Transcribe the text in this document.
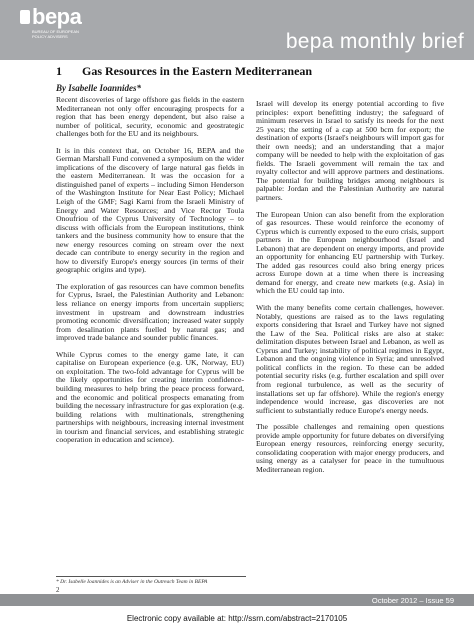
bepa
BUREAU OF EUROPEAN POLICY ADVISERS	bepa monthly brief
1 Gas Resources in the Eastern Mediterranean
By Isabelle Ioannides*

Recent discoveries of large offshore gas fields in the eastern Mediterranean not only offer encouraging prospects for a region that has been energy dependent, but also raise a number of political, security, economic and geostrategic challenges both for the EU and its neighbours.

It is in this context that, on October 16, BEPA and the German Marshall Fund convened a symposium on the wider implications of the discovery of large natural gas fields in the eastern Mediterranean. It was the occasion for a distinguished panel of experts – including Simon Henderson of the Washington Institute for Near East Policy; Michael Leigh of the GMF; Sagi Karni from the Israeli Ministry of Energy and Water Resources; and Vice Rector Toula Onoufriou of the Cyprus University of Technology – to discuss with officials from the European institutions, think tankers and the business community how to ensure that the new energy resources coming on stream over the next decade can contribute to energy security in the region and how to diversify Europe's energy sources (in terms of their geographic origins and type).

The exploration of gas resources can have common benefits for Cyprus, Israel, the Palestinian Authority and Lebanon: less reliance on energy imports from uncertain suppliers; investment in upstream and downstream industries promoting economic diversification; increased water supply from desalination plants fuelled by natural gas; and improved trade balance and sounder public finances.

While Cyprus comes to the energy game late, it can capitalise on European experience (e.g. UK, Norway, EU) on exploitation. The two-fold advantage for Cyprus will be the likely opportunities for creating interim confidence-building measures to help bring the peace process forward, and the economic and political prospects emanating from building the necessary infrastructure for gas exploration (e.g. building relations with multinationals, strengthening partnerships with neighbours, increasing internal investment in tourism and financial services, and establishing strategic cooperation in education and science).

Israel will develop its energy potential according to five principles: export benefitting industry; the safeguard of minimum reserves in Israel to satisfy its needs for the next 25 years; the setting of a cap at 500 bcm for export; the destination of exports (Israel's neighbours will import gas for their own needs); and an understanding that a major company will be needed to help with the exploitation of gas fields. The Israeli government will remain the tax and royalty collector and will approve partners and destinations. The potential for building bridges among neighbours is palpable: Jordan and the Palestinian Authority are natural partners.

The European Union can also benefit from the exploration of gas resources. These would reinforce the economy of Cyprus which is currently exposed to the euro crisis, support partners in the European neighbourhood (Israel and Lebanon) that are dependent on energy imports, and provide an opportunity for enhancing EU partnership with Turkey. The added gas resources could also bring energy prices across Europe down at a time when there is increasing demand for energy, and create new markets (e.g. Asia) in which the EU could tap into.

With the many benefits come certain challenges, however. Notably, questions are raised as to the laws regulating exports considering that Israel and Turkey have not signed the Law of the Sea. Political risks are also at stake: delimitation disputes between Israel and Lebanon, as well as Cyprus and Turkey; instability of political regimes in Egypt, Lebanon and the ongoing violence in Syria; and unresolved political conflicts in the region. To these can be added potential security risks (e.g. further escalation and spill over from regional turbulence, as well as the security of installations set up far offshore). While the region's energy independence would increase, gas discoveries are not sufficient to substantially reduce Europe's energy needs.

The possible challenges and remaining open questions provide ample opportunity for future debates on diversifying European energy resources, reinforcing energy security, consolidating cooperation with major energy producers, and using energy as a catalyser for peace in the tumultuous Mediterranean region.

* Dr. Isabelle Ioannides is an Adviser in the Outreach Team in BEPA
2
October 2012 – Issue 59
Electronic copy available at: http://ssrn.com/abstract=2170105
